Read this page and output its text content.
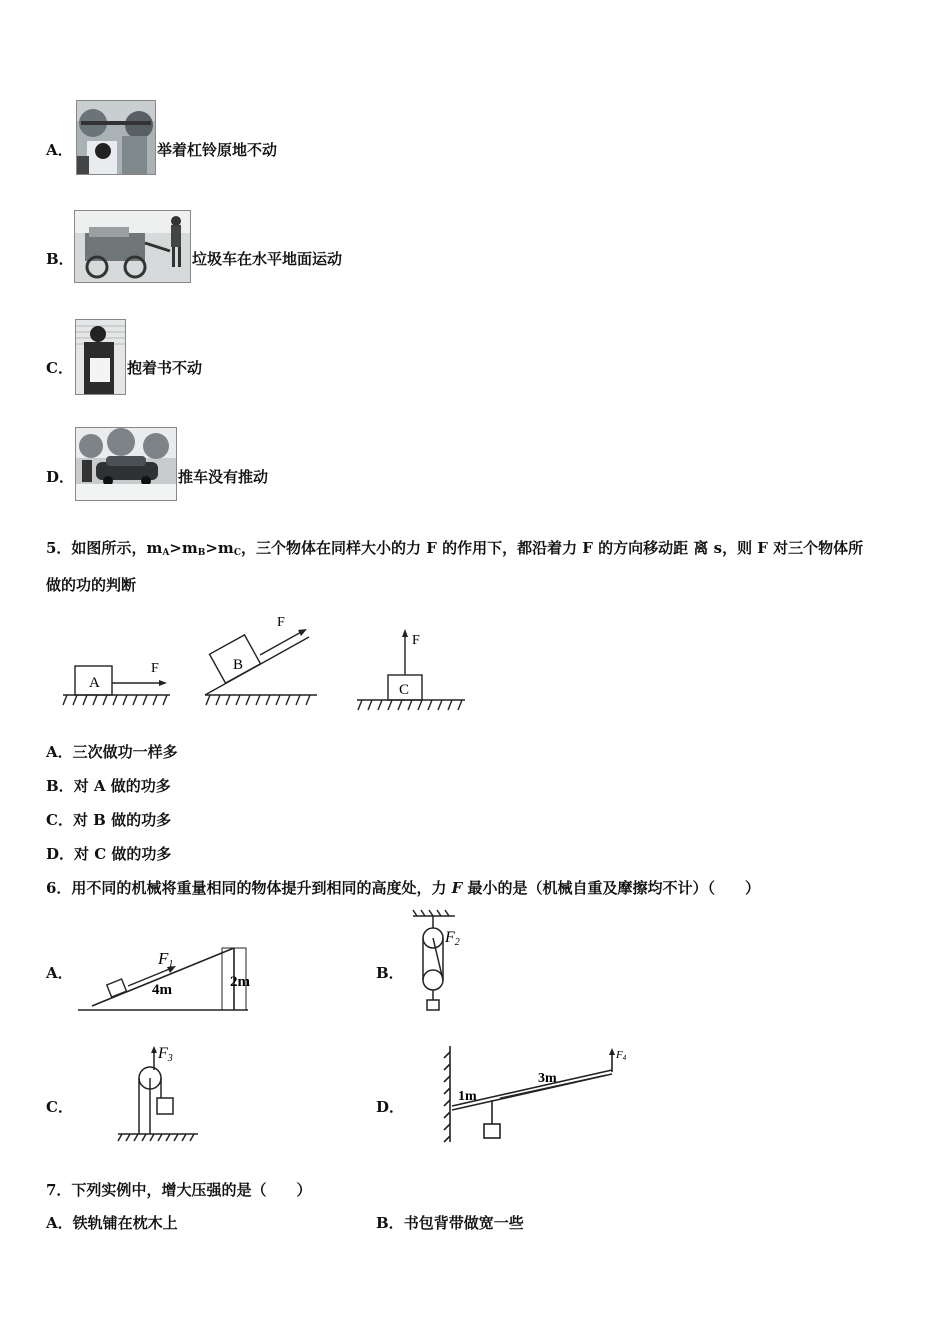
A．	举着杠铃原地不动
B．	垃圾车在水平地面运动
C．	抱着书不动
D．	推车没有推动
5．如图所示，$m_A>m_B>m_C$，三个物体在同样大小的力 F 的作用下，都沿着力 F 的方向移动距 离 s，则 F 对三个物体所
做的功的判断
A
F	B
F
C
F
A．三次做功一样多
B．对 A 做的功多
C．对 B 做的功多
D．对 C 做的功多
6．用不同的机械将重量相同的物体提升到相同的高度处，力 F 最小的是（机械自重及摩擦均不计）（　　）
A．
F1
4m	2m	B．
F2
C．
F3
D．
F4
1m
3m
7．下列实例中，增大压强的是（　　）
A．铁轨铺在枕木上	B．书包背带做宽一些
